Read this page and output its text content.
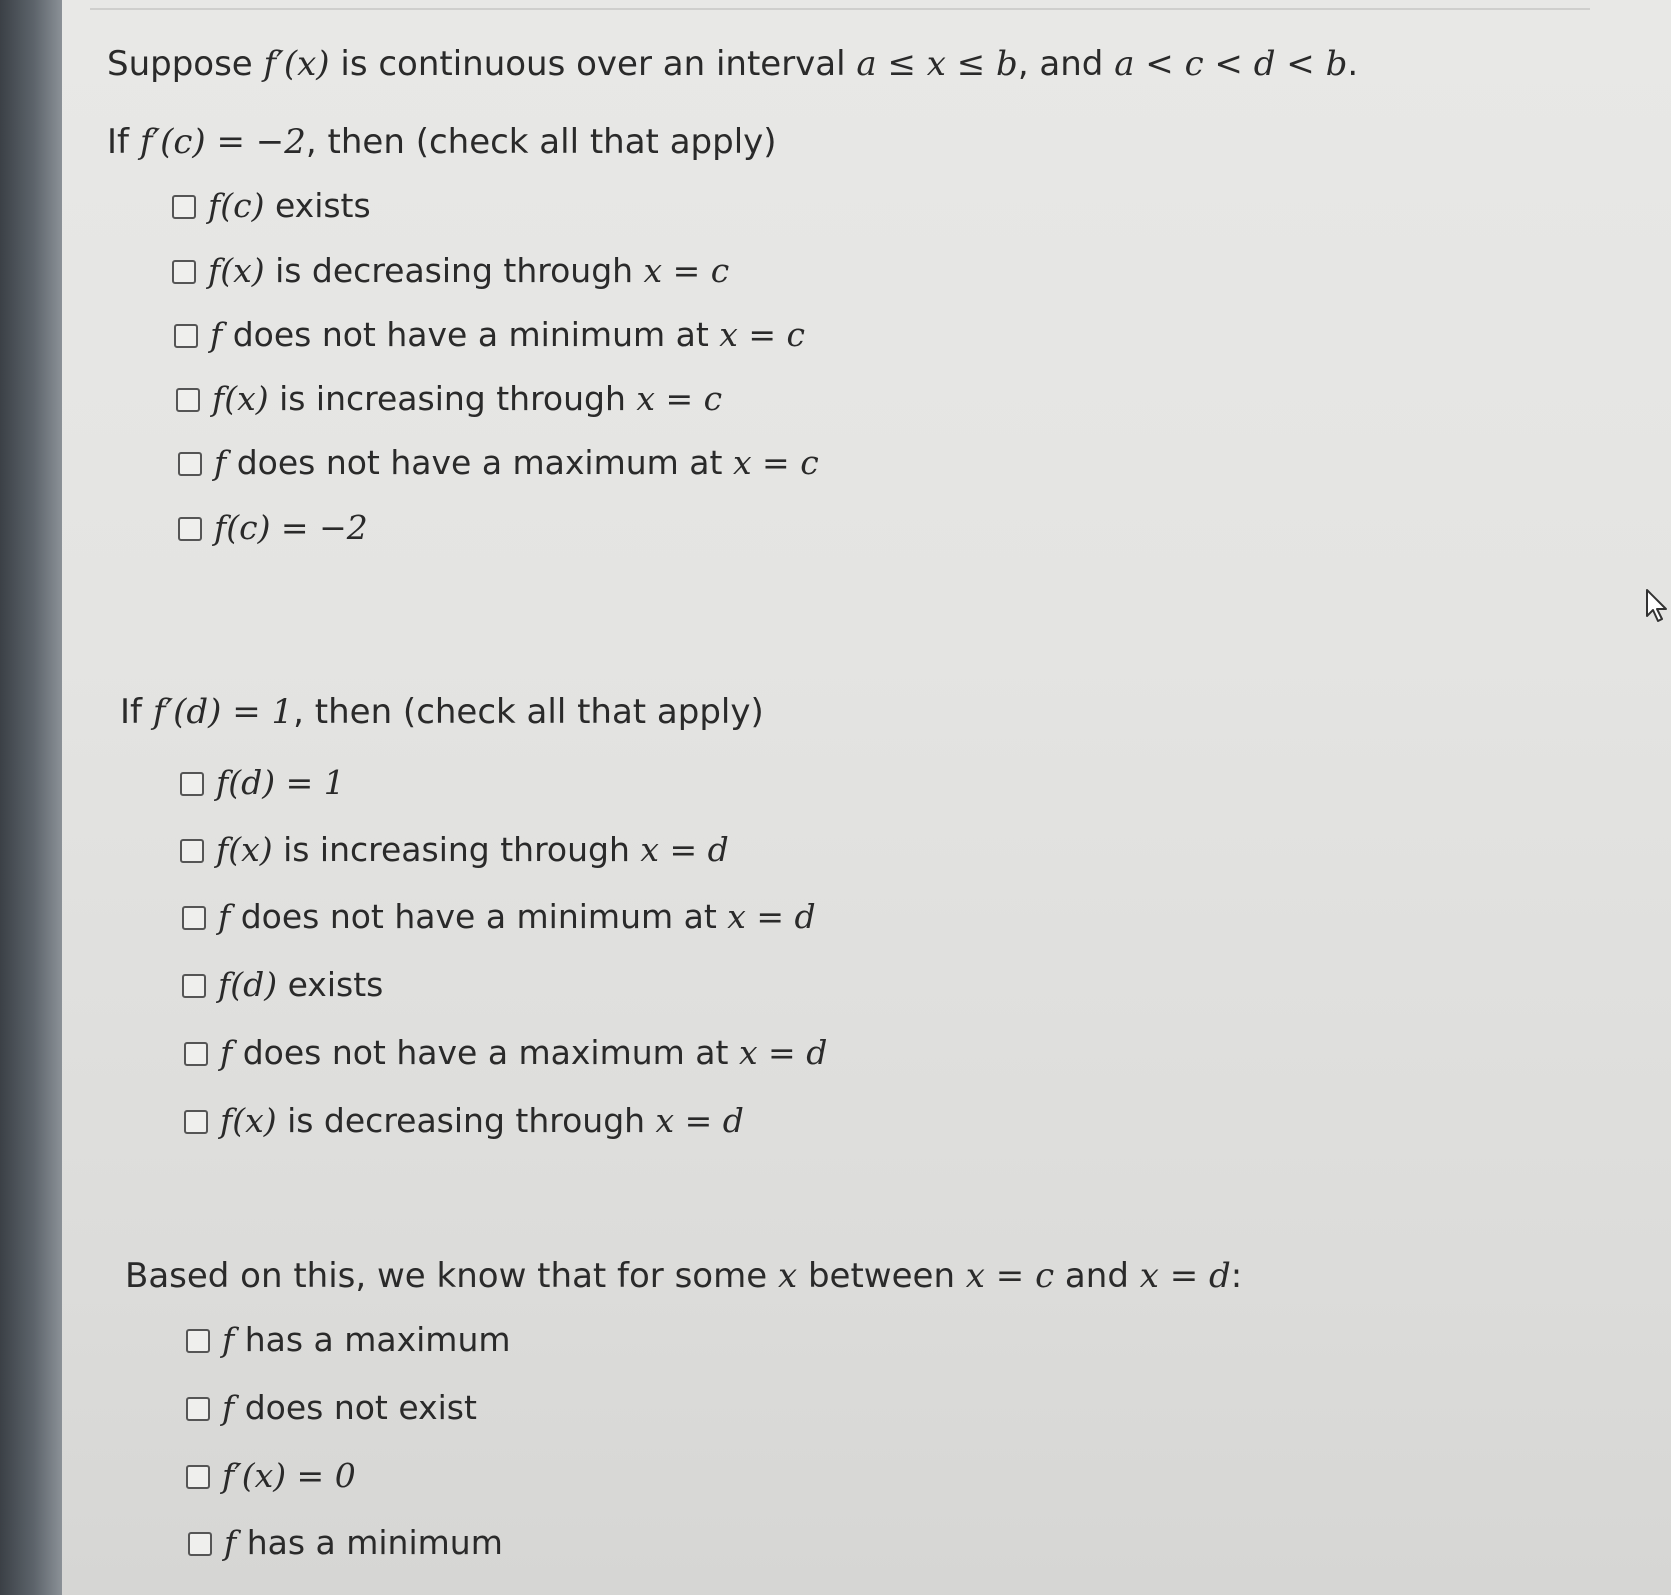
Suppose f′(x) is continuous over an interval a ≤ x ≤ b, and a < c < d < b.
If f′(c) = −2, then (check all that apply)
f(c) exists
f(x) is decreasing through x = c
f does not have a minimum at x = c
f(x) is increasing through x = c
f does not have a maximum at x = c
f(c) = −2
If f′(d) = 1, then (check all that apply)
f(d) = 1
f(x) is increasing through x = d
f does not have a minimum at x = d
f(d) exists
f does not have a maximum at x = d
f(x) is decreasing through x = d
Based on this, we know that for some x between x = c and x = d:
f has a maximum
f does not exist
f′(x) = 0
f has a minimum
